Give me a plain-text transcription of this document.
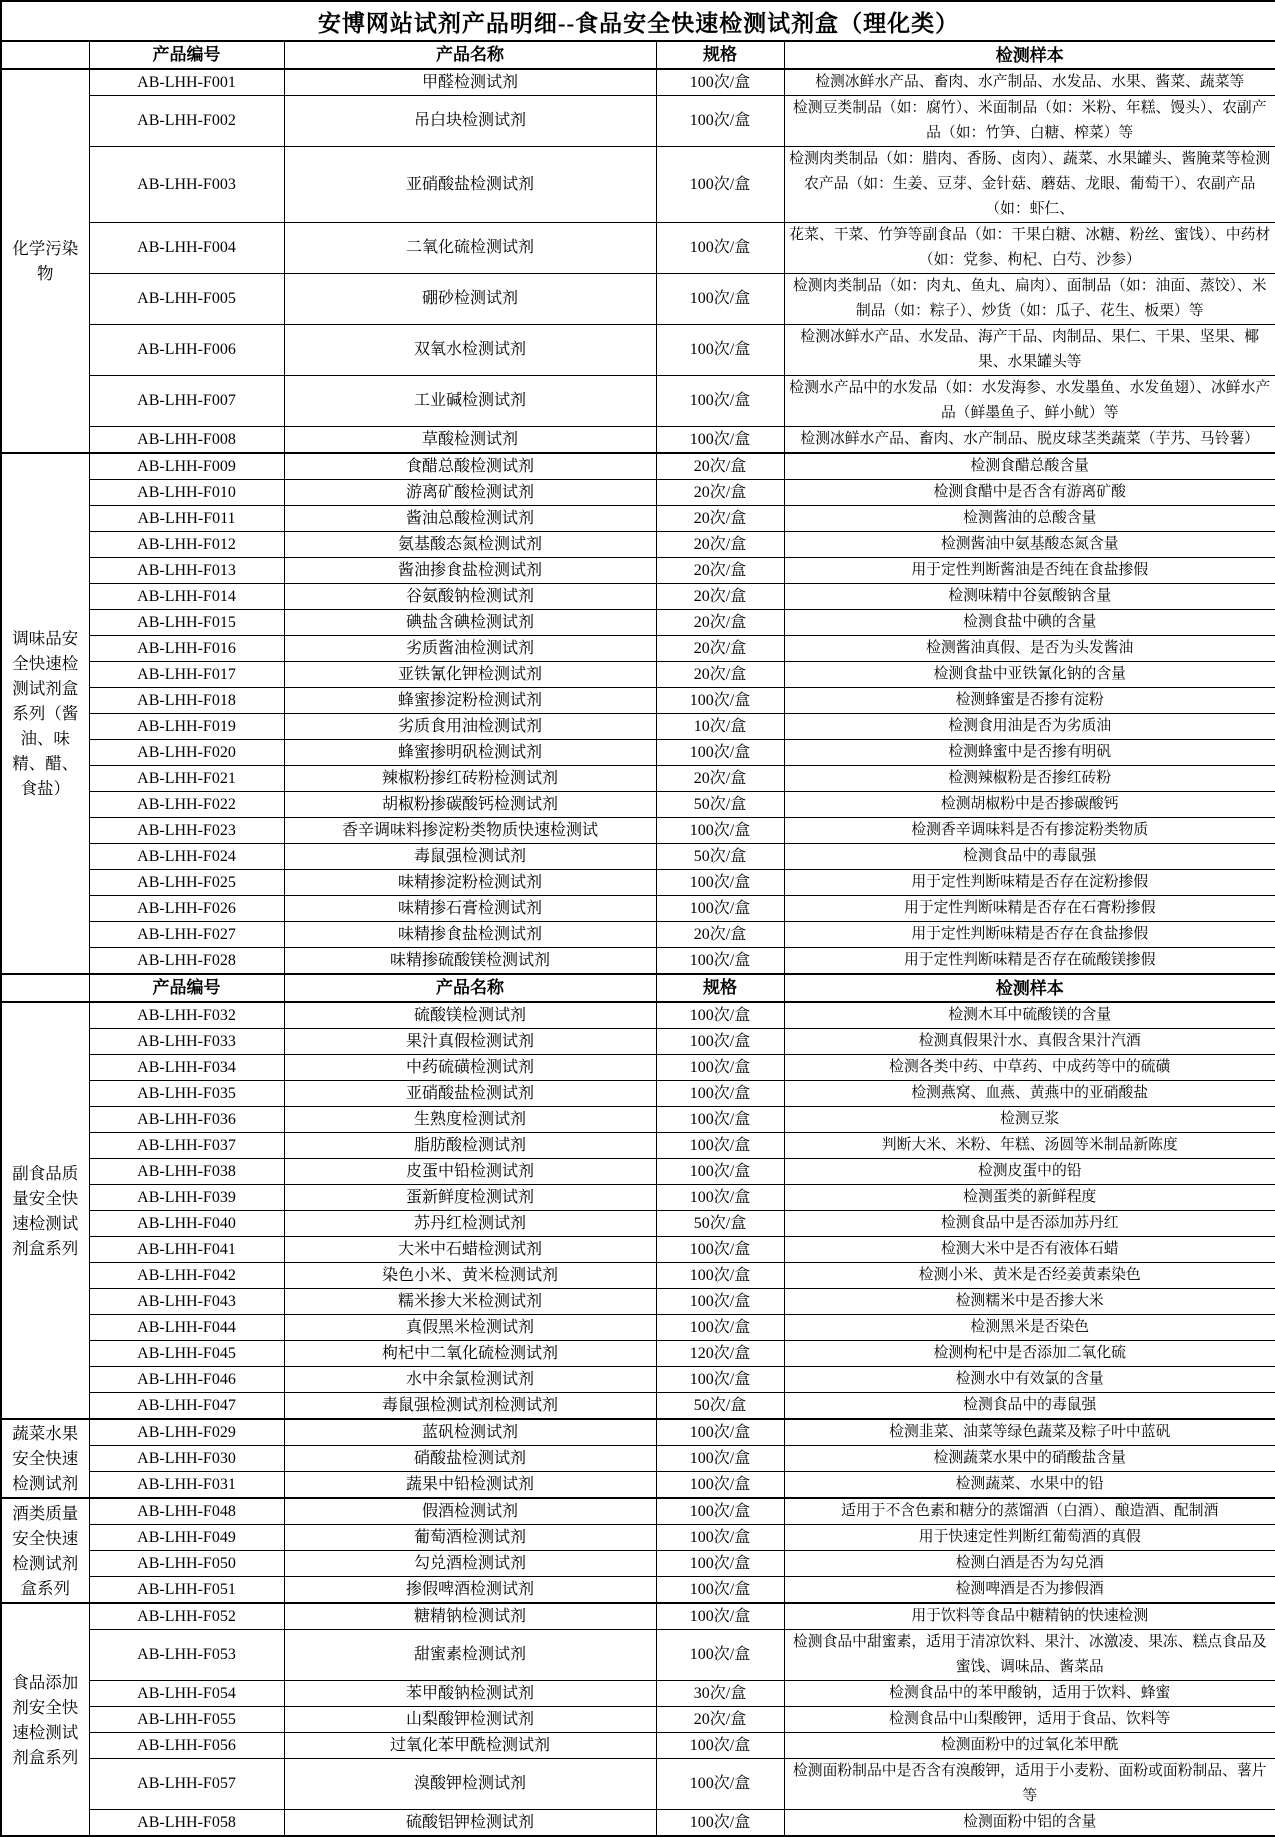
安博网站试剂产品明细--食品安全快速检测试剂盒（理化类）				
	产品编号	产品名称	规格	检测样本
化学污染物	AB-LHH-F001	甲醛检测试剂	100次/盒	检测冰鲜水产品、畜肉、水产制品、水发品、水果、酱菜、蔬菜等
	AB-LHH-F002	吊白块检测试剂	100次/盒	检测豆类制品（如：腐竹）、米面制品（如：米粉、年糕、馒头）、农副产品（如：竹笋、白糖、榨菜）等
	AB-LHH-F003	亚硝酸盐检测试剂	100次/盒	检测肉类制品（如：腊肉、香肠、卤肉）、蔬菜、水果罐头、酱腌菜等检测农产品（如：生姜、豆芽、金针菇、蘑菇、龙眼、葡萄干）、农副产品（如：虾仁、
	AB-LHH-F004	二氧化硫检测试剂	100次/盒	花菜、干菜、竹笋等副食品（如：干果白糖、冰糖、粉丝、蜜饯）、中药材（如：党参、枸杞、白芍、沙参）
	AB-LHH-F005	硼砂检测试剂	100次/盒	检测肉类制品（如：肉丸、鱼丸、扁肉）、面制品（如：油面、蒸饺）、米制品（如：粽子）、炒货（如：瓜子、花生、板栗）等
	AB-LHH-F006	双氧水检测试剂	100次/盒	检测冰鲜水产品、水发品、海产干品、肉制品、果仁、干果、坚果、椰果、水果罐头等
	AB-LHH-F007	工业碱检测试剂	100次/盒	检测水产品中的水发品（如：水发海参、水发墨鱼、水发鱼翅）、冰鲜水产品（鲜墨鱼子、鲜小鱿）等
	AB-LHH-F008	草酸检测试剂	100次/盒	检测冰鲜水产品、畜肉、水产制品、脱皮球茎类蔬菜（芋艿、马铃薯）
调味品安全快速检测试剂盒系列（酱油、味精、醋、食盐）	AB-LHH-F009	食醋总酸检测试剂	20次/盒	检测食醋总酸含量
	AB-LHH-F010	游离矿酸检测试剂	20次/盒	检测食醋中是否含有游离矿酸
	AB-LHH-F011	酱油总酸检测试剂	20次/盒	检测酱油的总酸含量
	AB-LHH-F012	氨基酸态氮检测试剂	20次/盒	检测酱油中氨基酸态氮含量
	AB-LHH-F013	酱油掺食盐检测试剂	20次/盒	用于定性判断酱油是否纯在食盐掺假
	AB-LHH-F014	谷氨酸钠检测试剂	20次/盒	检测味精中谷氨酸钠含量
	AB-LHH-F015	碘盐含碘检测试剂	20次/盒	检测食盐中碘的含量
	AB-LHH-F016	劣质酱油检测试剂	20次/盒	检测酱油真假、是否为头发酱油
	AB-LHH-F017	亚铁氰化钾检测试剂	20次/盒	检测食盐中亚铁氰化钠的含量
	AB-LHH-F018	蜂蜜掺淀粉检测试剂	100次/盒	检测蜂蜜是否掺有淀粉
	AB-LHH-F019	劣质食用油检测试剂	10次/盒	检测食用油是否为劣质油
	AB-LHH-F020	蜂蜜掺明矾检测试剂	100次/盒	检测蜂蜜中是否掺有明矾
	AB-LHH-F021	辣椒粉掺红砖粉检测试剂	20次/盒	检测辣椒粉是否掺红砖粉
	AB-LHH-F022	胡椒粉掺碳酸钙检测试剂	50次/盒	检测胡椒粉中是否掺碳酸钙
	AB-LHH-F023	香辛调味料掺淀粉类物质快速检测试	100次/盒	检测香辛调味料是否有掺淀粉类物质
	AB-LHH-F024	毒鼠强检测试剂	50次/盒	检测食品中的毒鼠强
	AB-LHH-F025	味精掺淀粉检测试剂	100次/盒	用于定性判断味精是否存在淀粉掺假
	AB-LHH-F026	味精掺石膏检测试剂	100次/盒	用于定性判断味精是否存在石膏粉掺假
	AB-LHH-F027	味精掺食盐检测试剂	20次/盒	用于定性判断味精是否存在食盐掺假
	AB-LHH-F028	味精掺硫酸镁检测试剂	100次/盒	用于定性判断味精是否存在硫酸镁掺假
	产品编号	产品名称	规格	检测样本
副食品质量安全快速检测试剂盒系列	AB-LHH-F032	硫酸镁检测试剂	100次/盒	检测木耳中硫酸镁的含量
	AB-LHH-F033	果汁真假检测试剂	100次/盒	检测真假果汁水、真假含果汁汽酒
	AB-LHH-F034	中药硫磺检测试剂	100次/盒	检测各类中药、中草药、中成药等中的硫磺
	AB-LHH-F035	亚硝酸盐检测试剂	100次/盒	检测燕窝、血燕、黄燕中的亚硝酸盐
	AB-LHH-F036	生熟度检测试剂	100次/盒	检测豆浆
	AB-LHH-F037	脂肪酸检测试剂	100次/盒	判断大米、米粉、年糕、汤圆等米制品新陈度
	AB-LHH-F038	皮蛋中铅检测试剂	100次/盒	检测皮蛋中的铅
	AB-LHH-F039	蛋新鲜度检测试剂	100次/盒	检测蛋类的新鲜程度
	AB-LHH-F040	苏丹红检测试剂	50次/盒	检测食品中是否添加苏丹红
	AB-LHH-F041	大米中石蜡检测试剂	100次/盒	检测大米中是否有液体石蜡
	AB-LHH-F042	染色小米、黄米检测试剂	100次/盒	检测小米、黄米是否经姜黄素染色
	AB-LHH-F043	糯米掺大米检测试剂	100次/盒	检测糯米中是否掺大米
	AB-LHH-F044	真假黑米检测试剂	100次/盒	检测黑米是否染色
	AB-LHH-F045	枸杞中二氧化硫检测试剂	120次/盒	检测枸杞中是否添加二氧化硫
	AB-LHH-F046	水中余氯检测试剂	100次/盒	检测水中有效氯的含量
	AB-LHH-F047	毒鼠强检测试剂检测试剂	50次/盒	检测食品中的毒鼠强
蔬菜水果安全快速检测试剂	AB-LHH-F029	蓝矾检测试剂	100次/盒	检测韭菜、油菜等绿色蔬菜及粽子叶中蓝矾
	AB-LHH-F030	硝酸盐检测试剂	100次/盒	检测蔬菜水果中的硝酸盐含量
	AB-LHH-F031	蔬果中铅检测试剂	100次/盒	检测蔬菜、水果中的铅
酒类质量安全快速检测试剂盒系列	AB-LHH-F048	假酒检测试剂	100次/盒	适用于不含色素和糖分的蒸馏酒（白酒）、酿造酒、配制酒
	AB-LHH-F049	葡萄酒检测试剂	100次/盒	用于快速定性判断红葡萄酒的真假
	AB-LHH-F050	勾兑酒检测试剂	100次/盒	检测白酒是否为勾兑酒
	AB-LHH-F051	掺假啤酒检测试剂	100次/盒	检测啤酒是否为掺假酒
食品添加剂安全快速检测试剂盒系列	AB-LHH-F052	糖精钠检测试剂	100次/盒	用于饮料等食品中糖精钠的快速检测
	AB-LHH-F053	甜蜜素检测试剂	100次/盒	检测食品中甜蜜素，适用于清凉饮料、果汁、冰激凌、果冻、糕点食品及蜜饯、调味品、酱菜品
	AB-LHH-F054	苯甲酸钠检测试剂	30次/盒	检测食品中的苯甲酸钠，适用于饮料、蜂蜜
	AB-LHH-F055	山梨酸钾检测试剂	20次/盒	检测食品中山梨酸钾，适用于食品、饮料等
	AB-LHH-F056	过氧化苯甲酰检测试剂	100次/盒	检测面粉中的过氧化苯甲酰
	AB-LHH-F057	溴酸钾检测试剂	100次/盒	检测面粉制品中是否含有溴酸钾，适用于小麦粉、面粉或面粉制品、薯片等
	AB-LHH-F058	硫酸铝钾检测试剂	100次/盒	检测面粉中铝的含量
